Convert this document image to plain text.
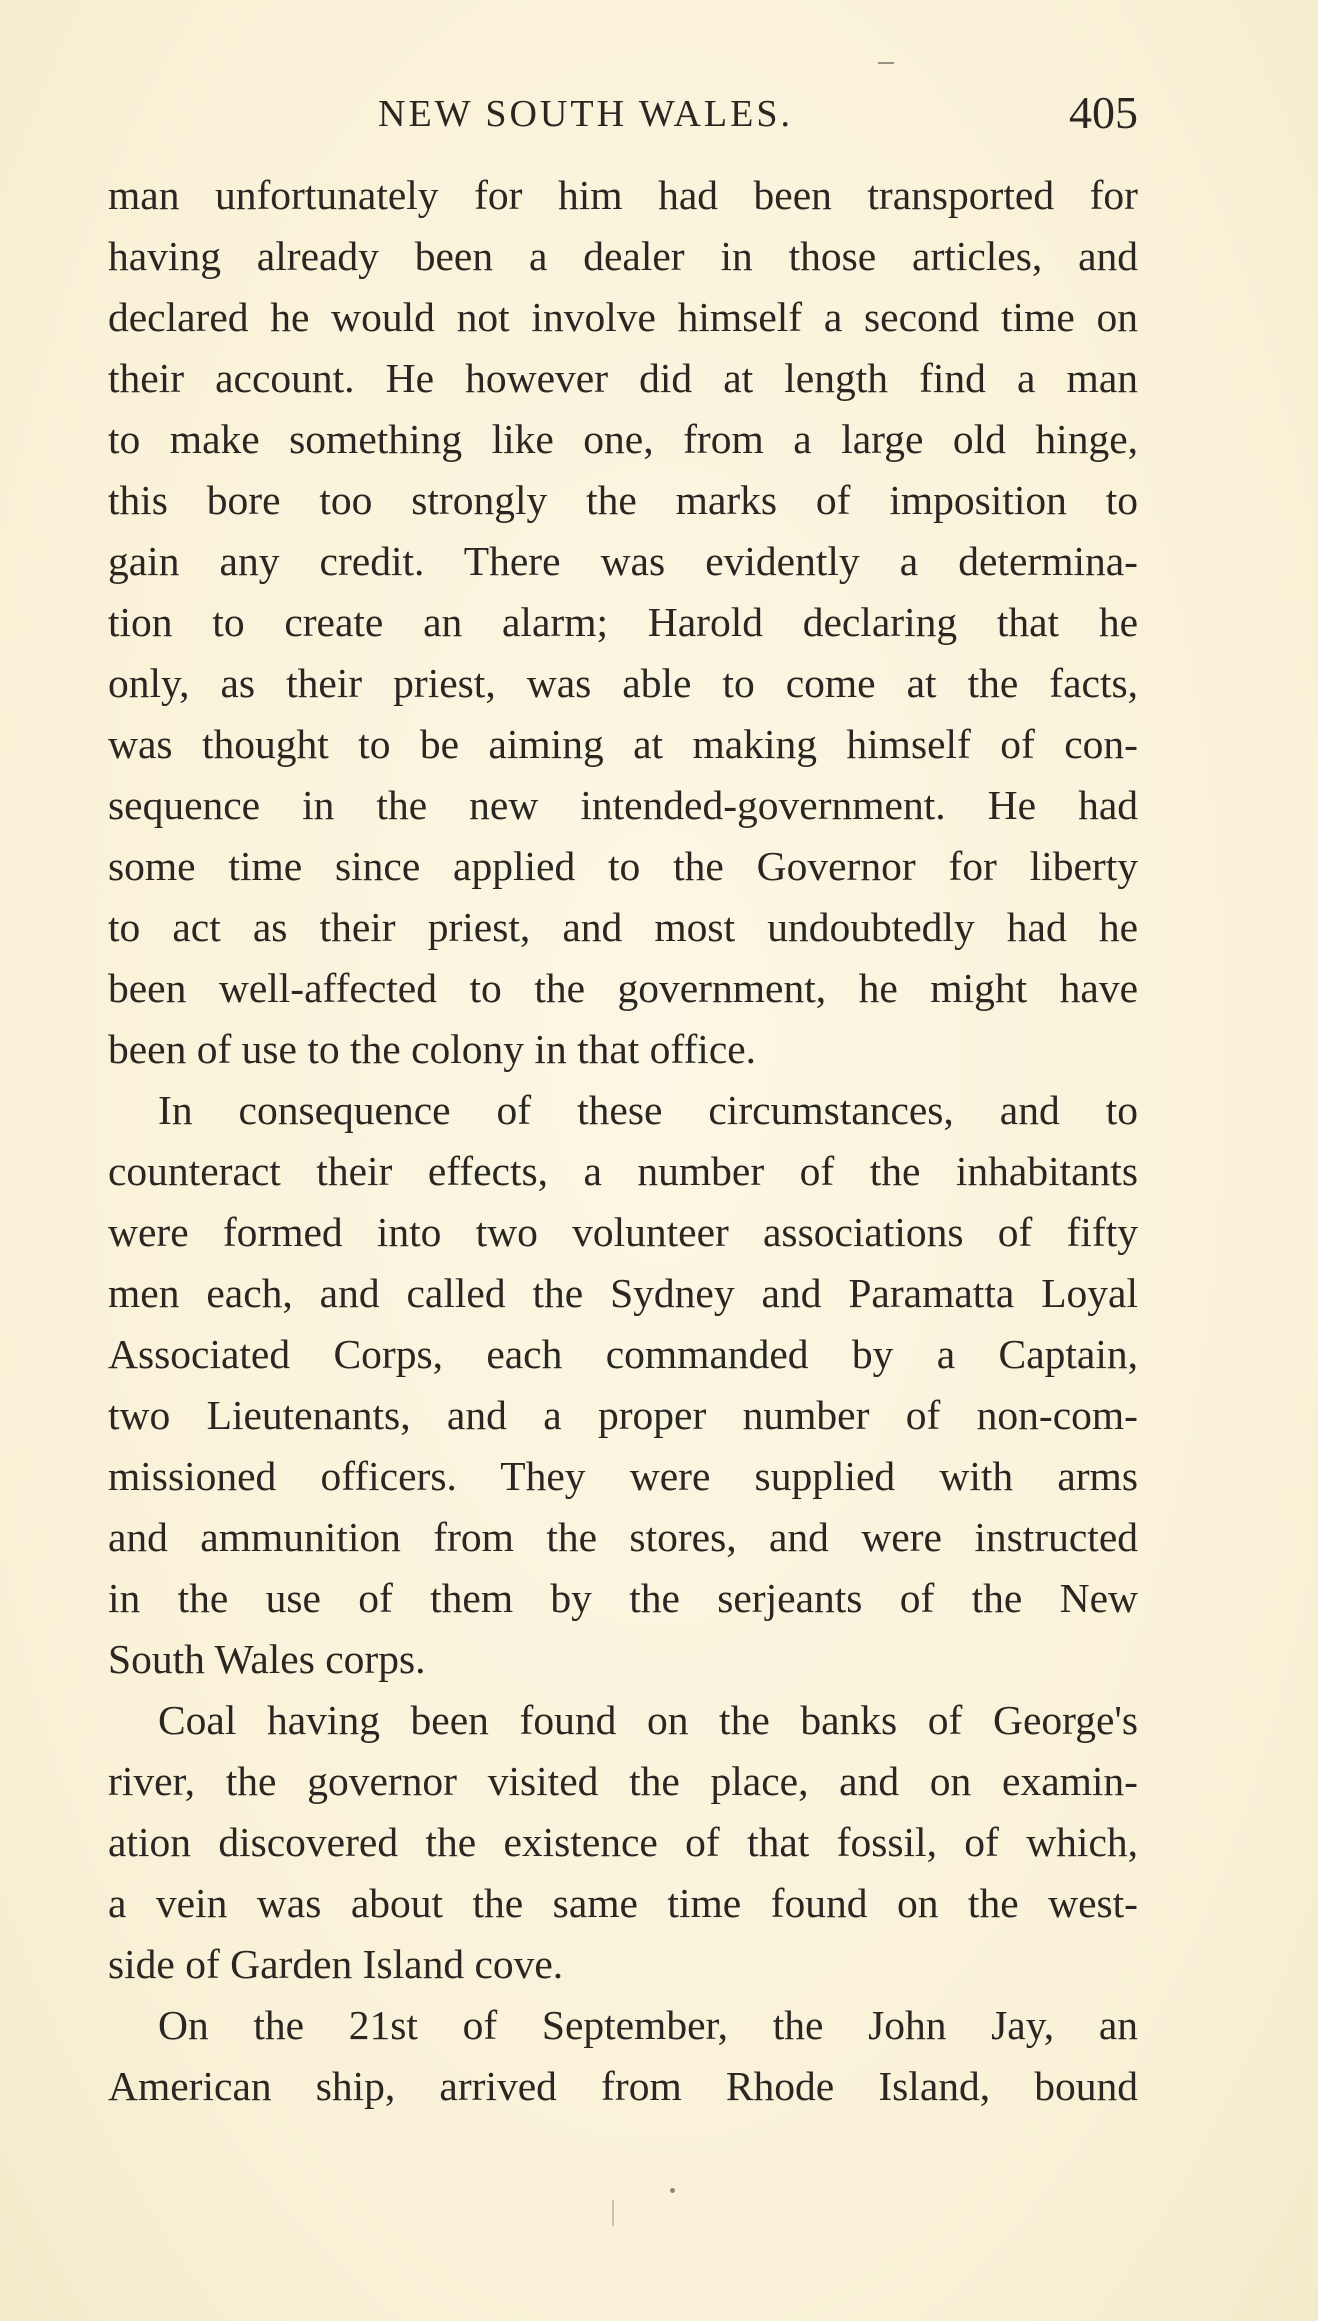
NEW SOUTH WALES.	405
man unfortunately for him had been transported for
having already been a dealer in those articles, and
declared he would not involve himself a second time on
their account. He however did at length find a man
to make something like one, from a large old hinge,
this bore too strongly the marks of imposition to
gain any credit. There was evidently a determina-
tion to create an alarm; Harold declaring that he
only, as their priest, was able to come at the facts,
was thought to be aiming at making himself of con-
sequence in the new intended-government. He had
some time since applied to the Governor for liberty
to act as their priest, and most undoubtedly had he
been well-affected to the government, he might have
been of use to the colony in that office.
In consequence of these circumstances, and to
counteract their effects, a number of the inhabitants
were formed into two volunteer associations of fifty
men each, and called the Sydney and Paramatta Loyal
Associated Corps, each commanded by a Captain,
two Lieutenants, and a proper number of non-com-
missioned officers. They were supplied with arms
and ammunition from the stores, and were instructed
in the use of them by the serjeants of the New
South Wales corps.
Coal having been found on the banks of George's
river, the governor visited the place, and on examin-
ation discovered the existence of that fossil, of which,
a vein was about the same time found on the west-
side of Garden Island cove.
On the 21st of September, the John Jay, an
American ship, arrived from Rhode Island, bound
